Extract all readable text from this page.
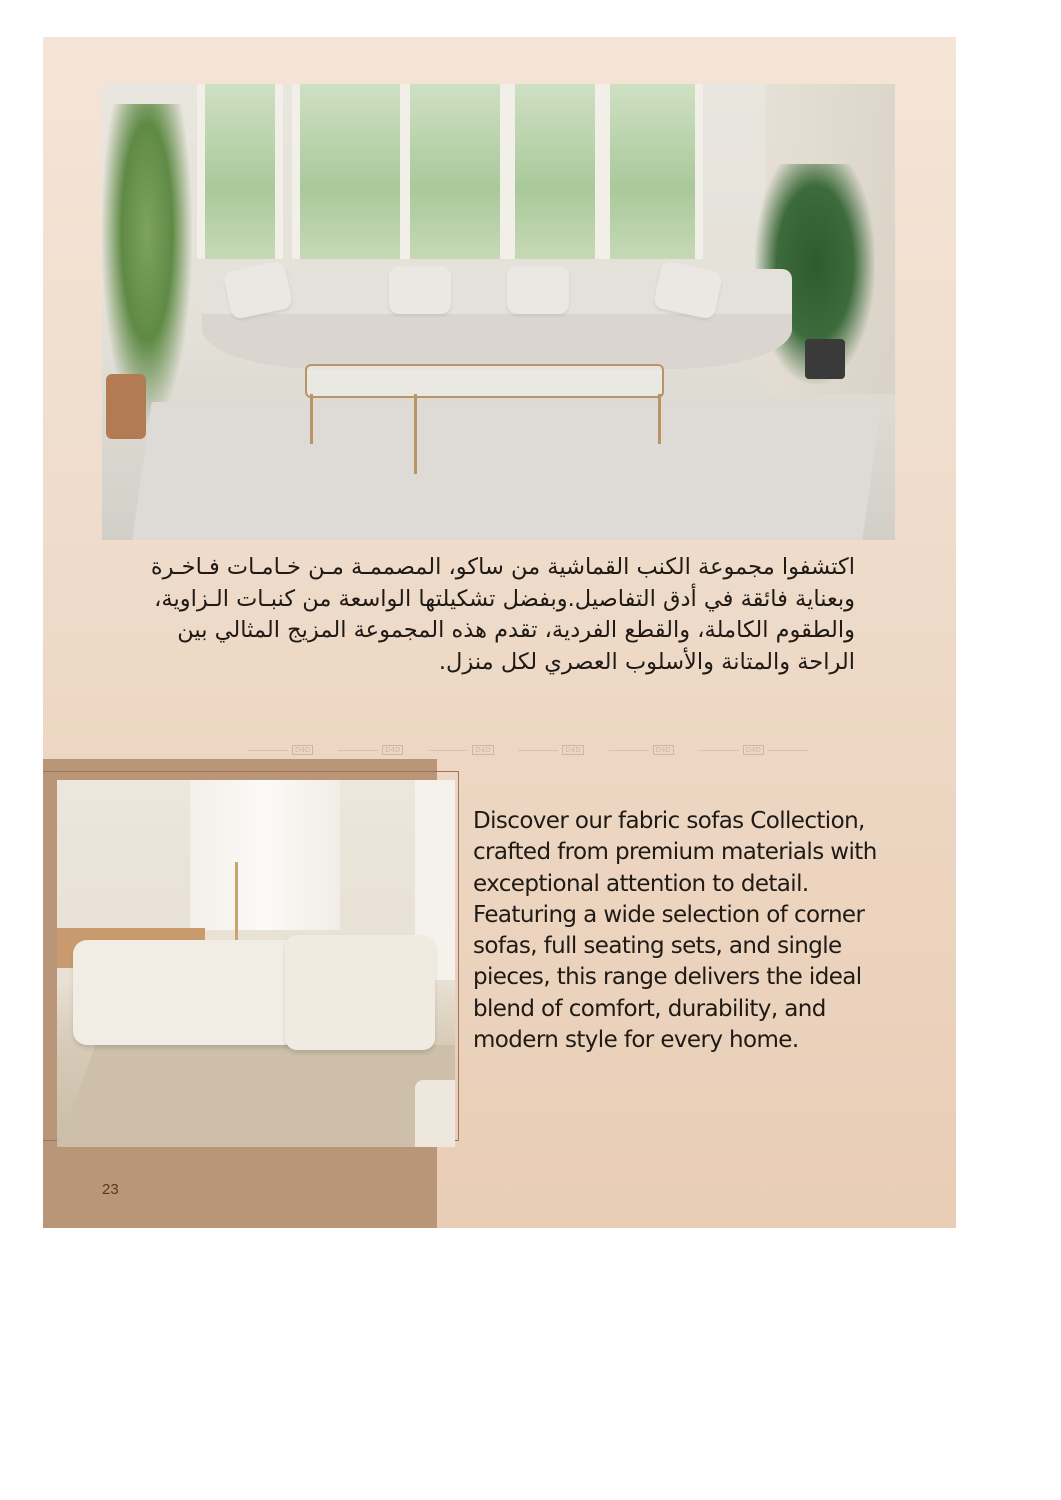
اكتشفوا مجموعة الكنب القماشية من ساكو، المصممـة مـن خـامـات فـاخـرة
وبعناية فائقة في أدق التفاصيل.وبفضل تشكيلتها الواسعة من كنبـات الـزاوية،
والطقوم الكاملة، والقطع الفردية، تقدم هذه المجموعة المزيج المثالي بين
الراحة والمتانة والأسلوب العصري لكل منزل.
D4D	D4D	D4D	D4D	D4D	D4D

Discover our fabric sofas Collection, crafted from premium materials with exceptional attention to detail.

Featuring a wide selection of corner sofas, full seating sets, and single pieces, this range delivers the ideal blend of comfort, durability, and modern style for every home.

23
